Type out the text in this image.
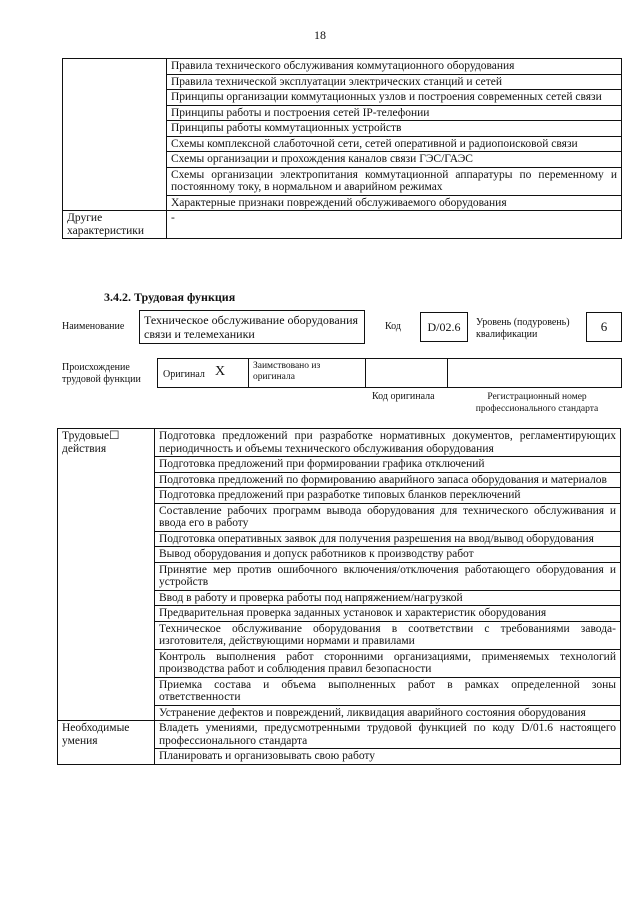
18
	Правила технического обслуживания коммутационного оборудования
	Правила технической эксплуатации электрических станций и сетей
	Принципы организации коммутационных узлов и построения современных сетей связи
	Принципы работы и построения сетей IP-телефонии
	Принципы работы коммутационных устройств
	Схемы комплексной слаботочной сети, сетей оперативной и радиопоисковой связи
	Схемы организации и прохождения каналов связи ГЭС/ГАЭС
	Схемы организации электропитания коммутационной аппаратуры по переменному и постоянному току, в нормальном и аварийном режимах
	Характерные признаки повреждений обслуживаемого оборудования
Другие характеристики	-
3.4.2. Трудовая функция
Наименование	Техническое обслуживание оборудования связи и телемеханики
Код	D/02.6	Уровень (подуровень) квалификации
6
Происхождение трудовой функции	Оригинал X	Заимствовано из оригинала
Код оригинала	Регистрационный номер профессионального стандарта
Трудовые☐ действия	Подготовка предложений при разработке нормативных документов, регламентирующих периодичность и объемы технического обслуживания оборудования
	Подготовка предложений при формировании графика отключений
	Подготовка предложений по формированию аварийного запаса оборудования и материалов
	Подготовка предложений при разработке типовых бланков переключений
	Составление рабочих программ вывода оборудования для технического обслуживания и ввода его в работу
	Подготовка оперативных заявок для получения разрешения на ввод/вывод оборудования
	Вывод оборудования и допуск работников к производству работ
	Принятие мер против ошибочного включения/отключения работающего оборудования и устройств
	Ввод в работу и проверка работы под напряжением/нагрузкой
	Предварительная проверка заданных установок и характеристик оборудования
	Техническое обслуживание оборудования в соответствии с требованиями завода-изготовителя, действующими нормами и правилами
	Контроль выполнения работ сторонними организациями, применяемых технологий производства работ и соблюдения правил безопасности
	Приемка состава и объема выполненных работ в рамках определенной зоны ответственности
	Устранение дефектов и повреждений, ликвидация аварийного состояния оборудования
Необходимые умения	Владеть умениями, предусмотренными трудовой функцией по коду D/01.6 настоящего профессионального стандарта
	Планировать и организовывать свою работу
